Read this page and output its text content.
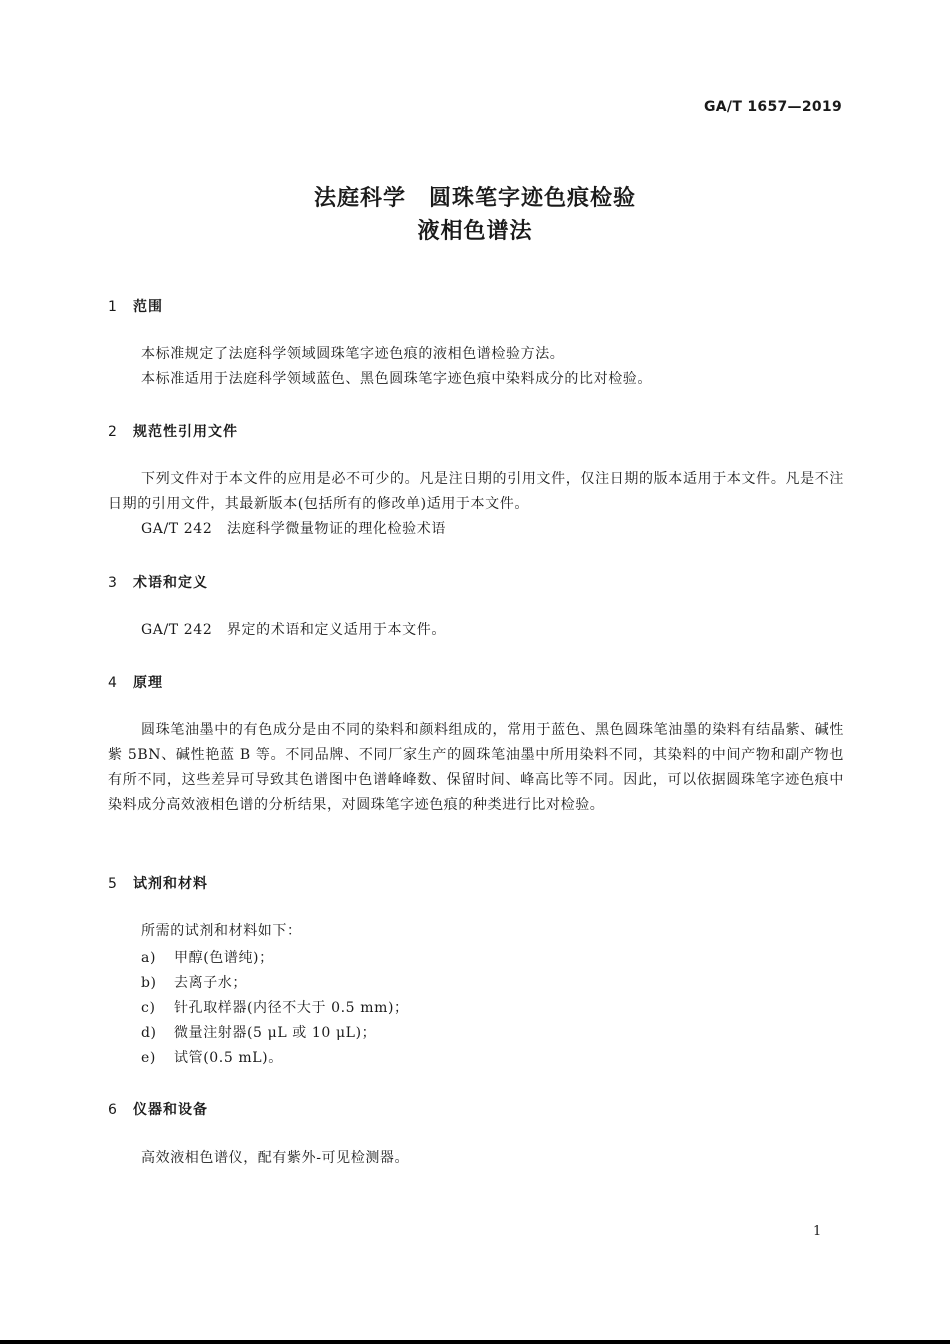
GA/T 1657—2019
法庭科学　圆珠笔字迹色痕检验
液相色谱法
1 范围
本标准规定了法庭科学领域圆珠笔字迹色痕的液相色谱检验方法。
本标准适用于法庭科学领域蓝色、黑色圆珠笔字迹色痕中染料成分的比对检验。
2 规范性引用文件
下列文件对于本文件的应用是必不可少的。凡是注日期的引用文件，仅注日期的版本适用于本文件。凡是不注日期的引用文件，其最新版本(包括所有的修改单)适用于本文件。
GA/T 242　法庭科学微量物证的理化检验术语
3 术语和定义
GA/T 242　界定的术语和定义适用于本文件。
4 原理
圆珠笔油墨中的有色成分是由不同的染料和颜料组成的，常用于蓝色、黑色圆珠笔油墨的染料有结晶紫、碱性紫 5BN、碱性艳蓝 B 等。不同品牌、不同厂家生产的圆珠笔油墨中所用染料不同，其染料的中间产物和副产物也有所不同，这些差异可导致其色谱图中色谱峰峰数、保留时间、峰高比等不同。因此，可以依据圆珠笔字迹色痕中染料成分高效液相色谱的分析结果，对圆珠笔字迹色痕的种类进行比对检验。
5 试剂和材料
所需的试剂和材料如下：
a) 甲醇(色谱纯)；
b) 去离子水；
c) 针孔取样器(内径不大于 0.5 mm)；
d) 微量注射器(5 μL 或 10 μL)；
e) 试管(0.5 mL)。
6 仪器和设备
高效液相色谱仪，配有紫外-可见检测器。
1
